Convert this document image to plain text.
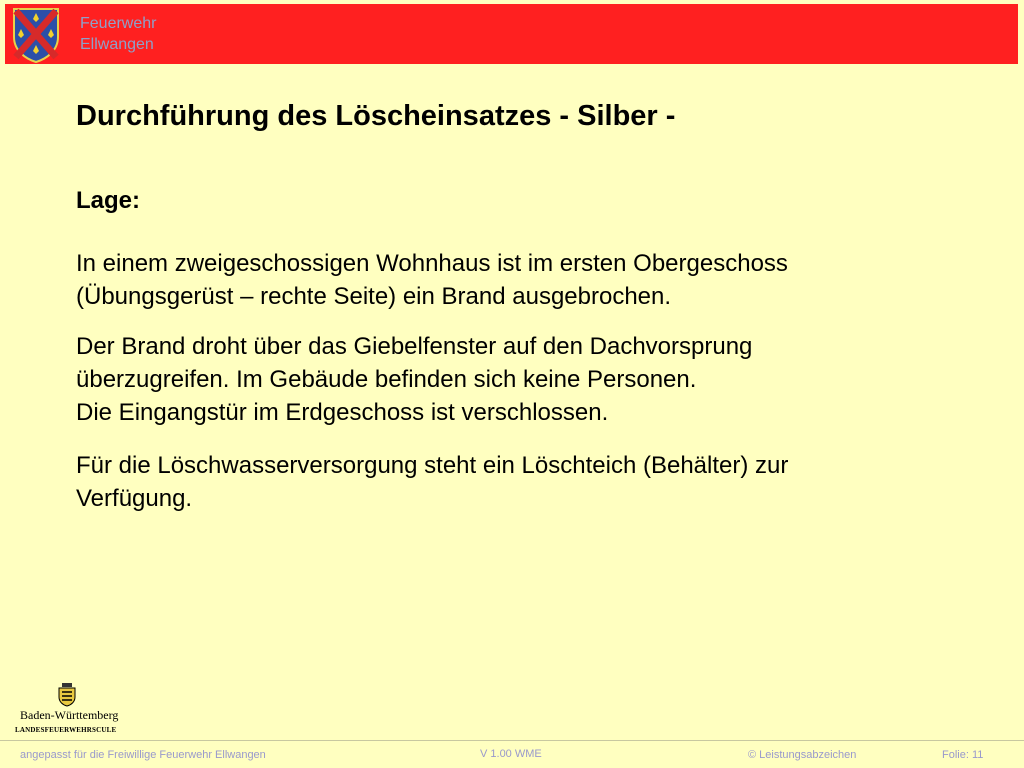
Feuerwehr
Ellwangen
Durchführung des Löscheinsatzes - Silber -
Lage:

In einem zweigeschossigen Wohnhaus ist im ersten Obergeschoss
(Übungsgerüst – rechte Seite) ein Brand ausgebrochen.

Der Brand droht über das Giebelfenster auf den Dachvorsprung
überzugreifen. Im Gebäude befinden sich keine Personen.
Die Eingangstür im Erdgeschoss ist verschlossen.

Für die Löschwasserversorgung steht ein Löschteich (Behälter) zur
Verfügung.

Baden-Württemberg
LANDESFEUERWEHRSCULE
angepasst für die Freiwillige Feuerwehr Ellwangen	V 1.00 WME	© Leistungsabzeichen	Folie: 11
